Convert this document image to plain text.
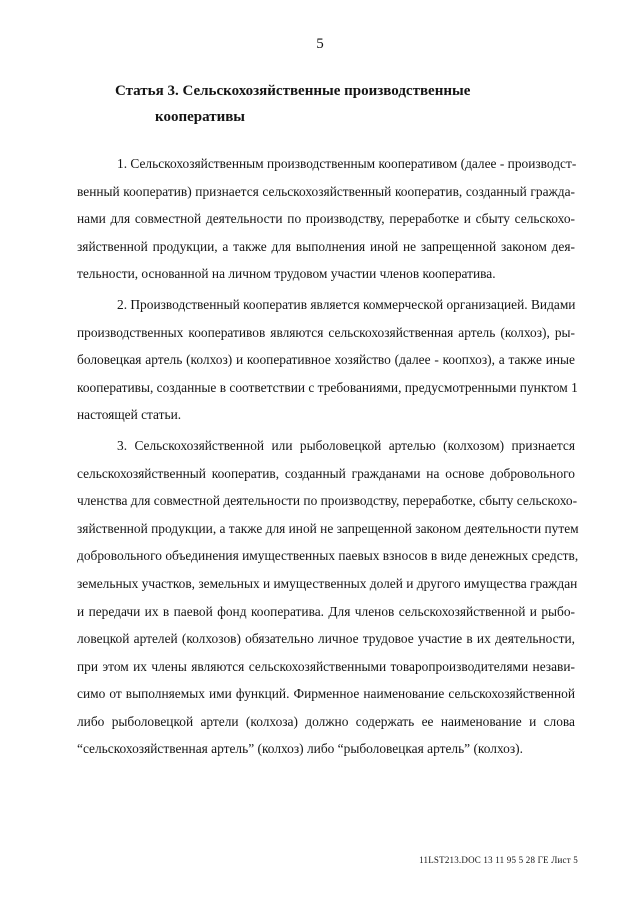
5
Статья 3. Сельскохозяйственные производственные
кооперативы
1. Сельскохозяйственным производственным кооперативом (далее - производст-
венный кооператив) признается сельскохозяйственный кооператив, созданный гражда-
нами для совместной деятельности по производству, переработке и сбыту сельскохо-
зяйственной продукции, а также для выполнения иной не запрещенной законом дея-
тельности, основанной на личном трудовом участии членов кооператива.
2. Производственный кооператив является коммерческой организацией. Видами
производственных кооперативов являются сельскохозяйственная артель (колхоз), ры-
боловецкая артель (колхоз) и кооперативное хозяйство (далее - коопхоз), а также иные
кооперативы, созданные в соответствии с требованиями, предусмотренными пунктом 1
настоящей статьи.
3. Сельскохозяйственной или рыболовецкой артелью (колхозом) признается
сельскохозяйственный кооператив, созданный гражданами на основе добровольного
членства для совместной деятельности по производству, переработке, сбыту сельскохо-
зяйственной продукции, а также для иной не запрещенной законом деятельности путем
добровольного объединения имущественных паевых взносов в виде денежных средств,
земельных участков, земельных и имущественных долей и другого имущества граждан
и передачи их в паевой фонд кооператива. Для членов сельскохозяйственной и рыбо-
ловецкой артелей (колхозов) обязательно личное трудовое участие в их деятельности,
при этом их члены являются сельскохозяйственными товаропроизводителями незави-
симо от выполняемых ими функций. Фирменное наименование сельскохозяйственной
либо рыболовецкой артели (колхоза) должно содержать ее наименование и слова
“сельскохозяйственная артель” (колхоз) либо “рыболовецкая артель” (колхоз).
11LST213.DOC 13 11 95 5 28 ГЕ Лист 5
